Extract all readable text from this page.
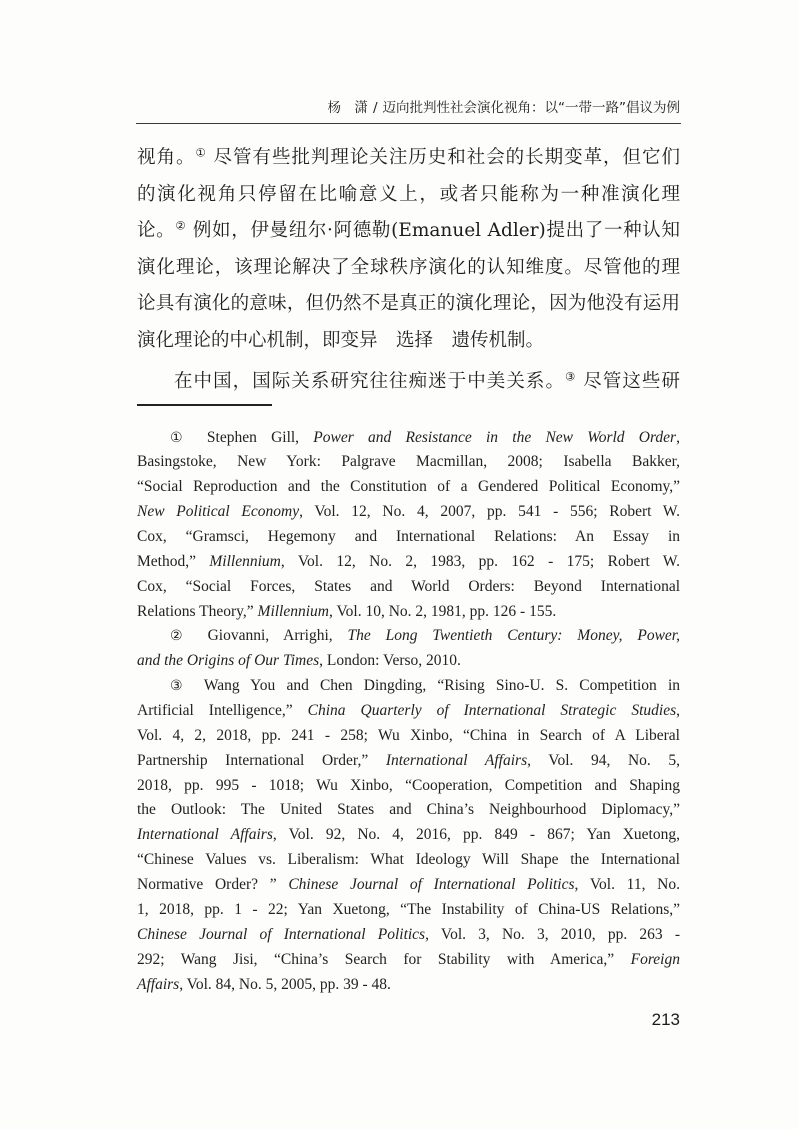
杨　潇 / 迈向批判性社会演化视角：以“一带一路”倡议为例
视角。① 尽管有些批判理论关注历史和社会的长期变革，但它们
的演化视角只停留在比喻意义上，或者只能称为一种准演化理
论。② 例如，伊曼纽尔·阿德勒(Emanuel Adler)提出了一种认知
演化理论，该理论解决了全球秩序演化的认知维度。尽管他的理
论具有演化的意味，但仍然不是真正的演化理论，因为他没有运用
演化理论的中心机制，即变异　选择　遗传机制。
在中国，国际关系研究往往痴迷于中美关系。③ 尽管这些研
① Stephen Gill, Power and Resistance in the New World Order,
Basingstoke, New York: Palgrave Macmillan, 2008; Isabella Bakker,
“Social Reproduction and the Constitution of a Gendered Political Economy,”
New Political Economy, Vol. 12, No. 4, 2007, pp. 541 - 556; Robert W.
Cox, “Gramsci, Hegemony and International Relations: An Essay in
Method,” Millennium, Vol. 12, No. 2, 1983, pp. 162 - 175; Robert W.
Cox, “Social Forces, States and World Orders: Beyond International
Relations Theory,” Millennium, Vol. 10, No. 2, 1981, pp. 126 - 155.
② Giovanni, Arrighi, The Long Twentieth Century: Money, Power,
and the Origins of Our Times, London: Verso, 2010.
③ Wang You and Chen Dingding, “Rising Sino-U. S. Competition in
Artificial Intelligence,” China Quarterly of International Strategic Studies,
Vol. 4, 2, 2018, pp. 241 - 258; Wu Xinbo, “China in Search of A Liberal
Partnership International Order,” International Affairs, Vol. 94, No. 5,
2018, pp. 995 - 1018; Wu Xinbo, “Cooperation, Competition and Shaping
the Outlook: The United States and China’s Neighbourhood Diplomacy,”
International Affairs, Vol. 92, No. 4, 2016, pp. 849 - 867; Yan Xuetong,
“Chinese Values vs. Liberalism: What Ideology Will Shape the International
Normative Order? ” Chinese Journal of International Politics, Vol. 11, No.
1, 2018, pp. 1 - 22; Yan Xuetong, “The Instability of China-US Relations,”
Chinese Journal of International Politics, Vol. 3, No. 3, 2010, pp. 263 -
292; Wang Jisi, “China’s Search for Stability with America,” Foreign
Affairs, Vol. 84, No. 5, 2005, pp. 39 - 48.
213
